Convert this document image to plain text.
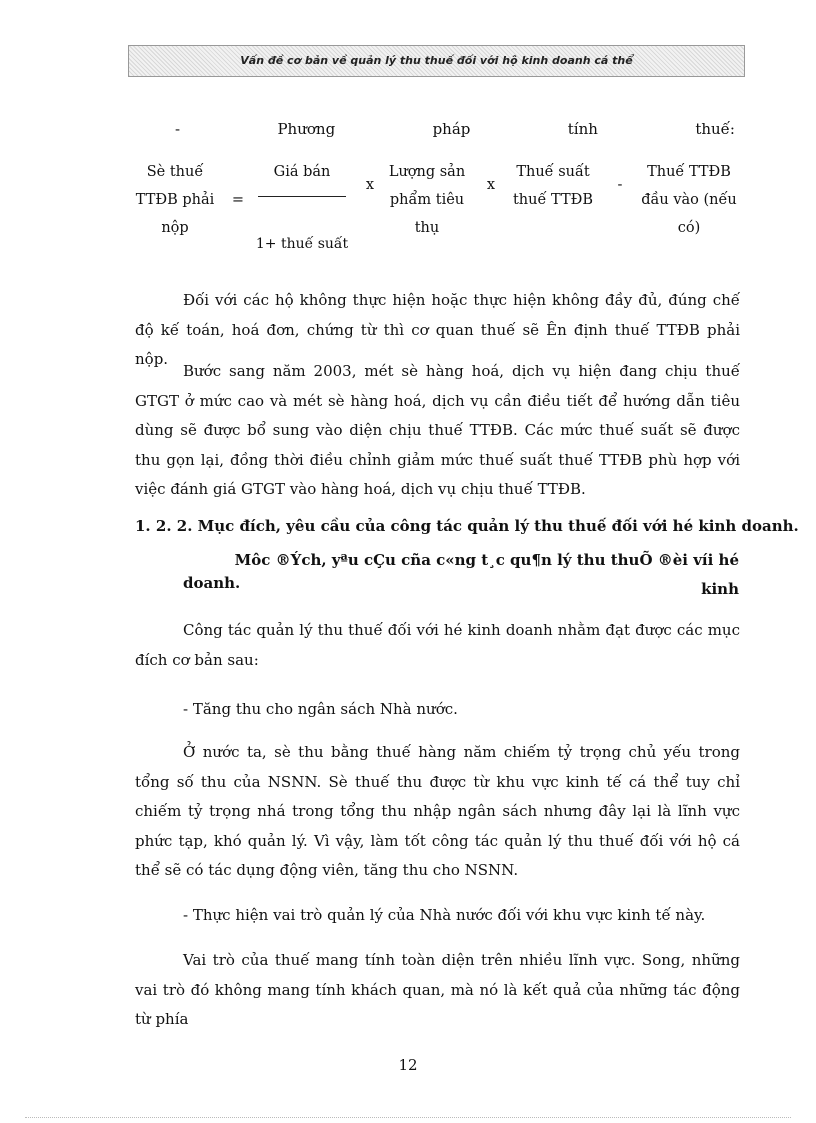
Vấn đề cơ bản về quản lý thu thuế đối với hộ kinh doanh cá thể
-	Phương	pháp	tính	thuế:
Sè thuế
TTĐB phải
nộp
=
Giá bán
1+ thuế suất
x
Lượng sản
phẩm tiêu
thụ
x
Thuế suất
thuế TTĐB
-
Thuế TTĐB
đầu vào (nếu
có)

Đối với các hộ không thực hiện hoặc thực hiện không đầy đủ, đúng chế độ kế toán, hoá đơn, chứng từ thì cơ quan thuế sẽ Ên định thuế TTĐB phải nộp.

Bước sang năm 2003, mét sè hàng hoá, dịch vụ hiện đang chịu thuế GTGT ở mức cao và mét sè hàng hoá, dịch vụ cần điều tiết để hướng dẫn tiêu dùng sẽ được bổ sung vào diện chịu thuế TTĐB. Các mức thuế suất sẽ được thu gọn lại, đồng thời điều chỉnh giảm mức thuế suất thuế TTĐB phù hợp với việc đánh giá GTGT vào hàng hoá, dịch vụ chịu thuế TTĐB.

1. 2. 2. Mục đích, yêu cầu của công tác quản lý thu thuế đối với hé kinh doanh.

Môc ®Ých, yªu cÇu cña c«ng t¸c qu¶n lý thu thuÕ ®èi víi hé kinh

doanh.

Công tác quản lý thu thuế đối với hé kinh doanh nhằm đạt được các mục đích cơ bản sau:

- Tăng thu cho ngân sách Nhà nước.

Ở nước ta, sè thu bằng thuế hàng năm chiếm tỷ trọng chủ yếu trong tổng số thu của NSNN. Sè thuế thu được từ khu vực kinh tế cá thể tuy chỉ chiếm tỷ trọng nhá trong tổng thu nhập ngân sách nhưng đây lại là lĩnh vực phức tạp, khó quản lý. Vì vậy, làm tốt công tác quản lý thu thuế đối với hộ cá thể sẽ có tác dụng động viên, tăng thu cho NSNN.

- Thực hiện vai trò quản lý của Nhà nước đối với khu vực kinh tế này.

Vai trò của thuế mang tính toàn diện trên nhiều lĩnh vực. Song, những vai trò đó không mang tính khách quan, mà nó là kết quả của những tác động từ phía

12
